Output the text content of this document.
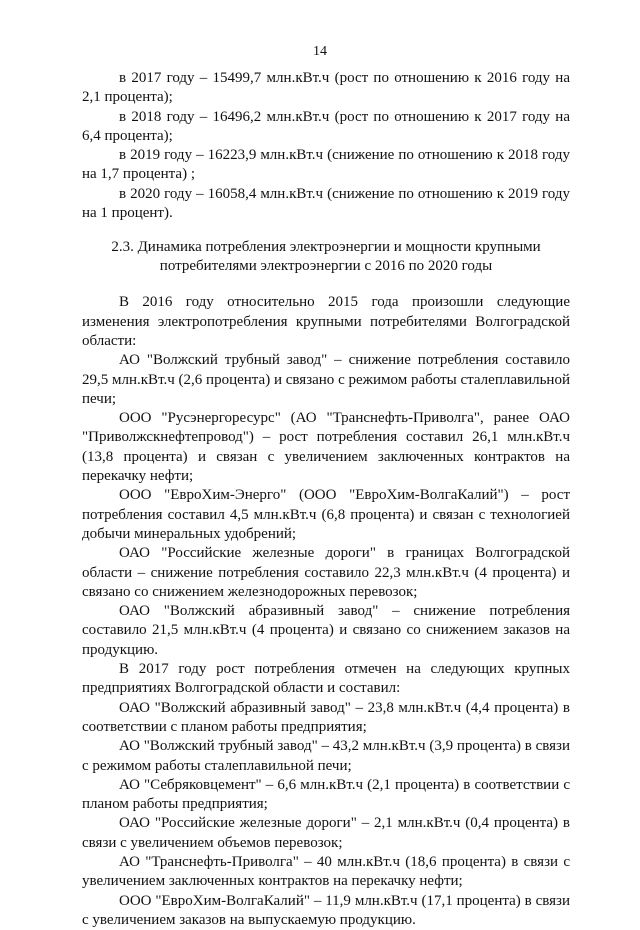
14

в 2017 году – 15499,7 млн.кВт.ч (рост по отношению к 2016 году на 2,1 процента);

в 2018 году – 16496,2 млн.кВт.ч (рост по отношению к 2017 году на 6,4 процента);

в 2019 году – 16223,9 млн.кВт.ч (снижение по отношению к 2018 году на 1,7 процента) ;

в 2020 году – 16058,4 млн.кВт.ч (снижение по отношению к 2019 году на 1 процент).

2.3. Динамика потребления электроэнергии и мощности крупными
потребителями электроэнергии с 2016 по 2020 годы

В 2016 году относительно 2015 года произошли следующие изменения электропотребления крупными потребителями Волгоградской области:

АО "Волжский трубный завод" – снижение потребления составило 29,5 млн.кВт.ч (2,6 процента) и связано с режимом работы сталеплавильной печи;

ООО "Русэнергоресурс" (АО "Транснефть-Приволга", ранее ОАО "Приволжскнефтепровод") – рост потребления составил 26,1 млн.кВт.ч (13,8 процента) и связан с увеличением заключенных контрактов на перекачку нефти;

ООО "ЕвроХим-Энерго" (ООО "ЕвроХим-ВолгаКалий") – рост потребления составил 4,5 млн.кВт.ч (6,8 процента) и связан с технологией добычи минеральных удобрений;

ОАО "Российские железные дороги" в границах Волгоградской области – снижение потребления составило 22,3 млн.кВт.ч (4 процента) и связано со снижением железнодорожных перевозок;

ОАО "Волжский абразивный завод" – снижение потребления составило 21,5 млн.кВт.ч (4 процента) и связано со снижением заказов на продукцию.

В 2017 году рост потребления отмечен на следующих крупных предприятиях Волгоградской области и составил:

ОАО "Волжский абразивный завод" – 23,8 млн.кВт.ч (4,4 процента) в соответствии с планом работы предприятия;

АО "Волжский трубный завод" – 43,2 млн.кВт.ч (3,9 процента) в связи с режимом работы сталеплавильной печи;

АО "Себряковцемент" – 6,6 млн.кВт.ч (2,1 процента) в соответствии с планом работы предприятия;

ОАО "Российские железные дороги" – 2,1 млн.кВт.ч (0,4 процента) в связи с увеличением объемов перевозок;

АО "Транснефть-Приволга" – 40 млн.кВт.ч (18,6 процента) в связи с увеличением заключенных контрактов на перекачку нефти;

ООО "ЕвроХим-ВолгаКалий" – 11,9 млн.кВт.ч (17,1 процента) в связи с увеличением заказов на выпускаемую продукцию.
